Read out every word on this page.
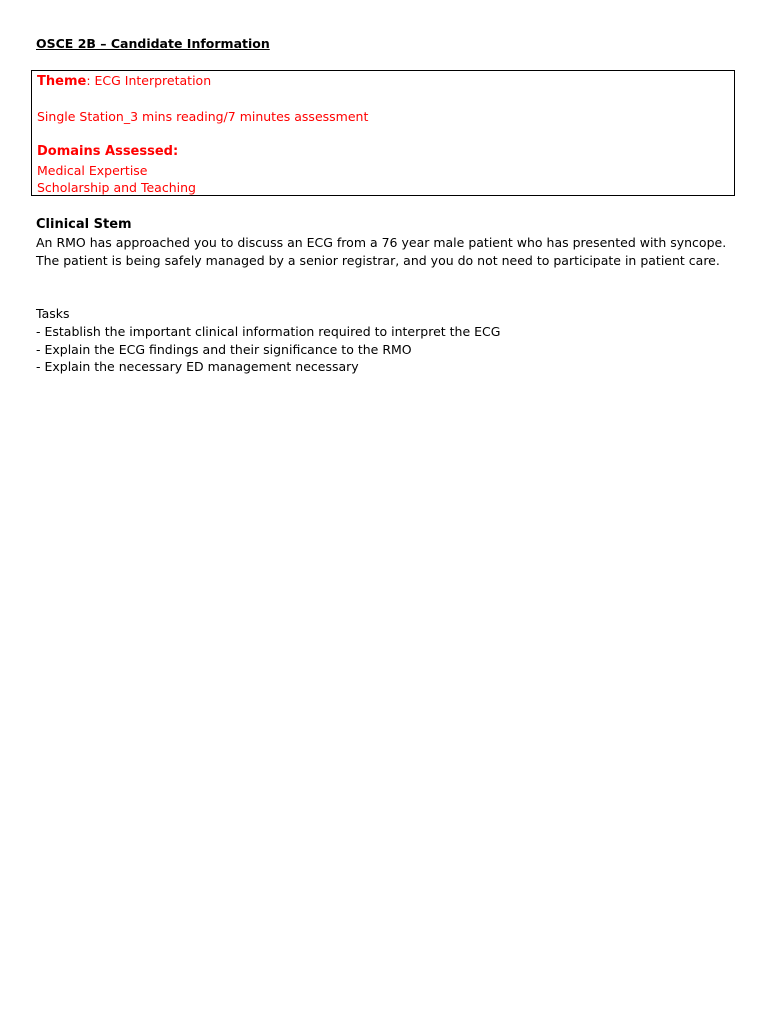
OSCE 2B – Candidate Information
Theme: ECG Interpretation
Single Station_3 mins reading/7 minutes assessment
Domains Assessed:
Medical Expertise
Scholarship and Teaching
Clinical Stem
An RMO has approached you to discuss an ECG from a 76 year male patient who has presented with syncope.
The patient is being safely managed by a senior registrar, and you do not need to participate in patient care.
Tasks
- Establish the important clinical information required to interpret the ECG
- Explain the ECG findings and their significance to the RMO
- Explain the necessary ED management necessary
